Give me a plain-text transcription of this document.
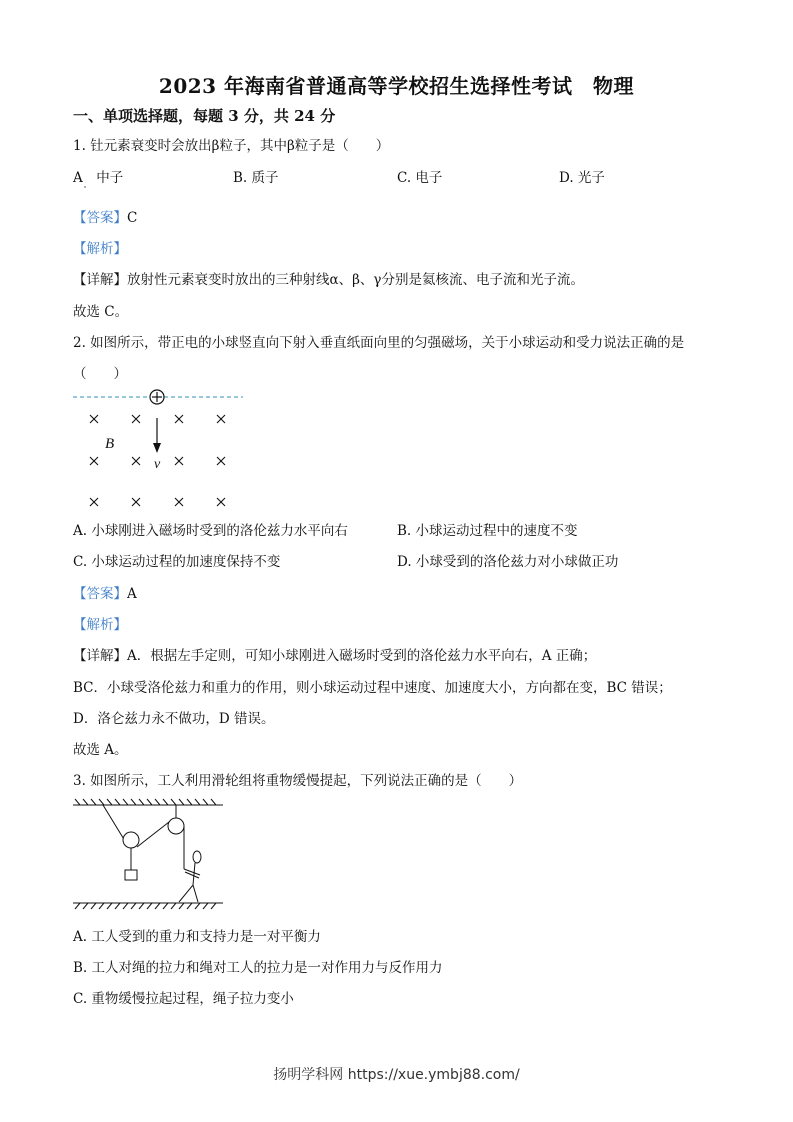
2023 年海南省普通高等学校招生选择性考试　物理
一、单项选择题，每题 3 分，共 24 分
1. 钍元素衰变时会放出β粒子，其中β粒子是（　　）
A　中子	B. 质子	C. 电子	D. 光子
【答案】C
【解析】
【详解】放射性元素衰变时放出的三种射线α、β、γ分别是氦核流、电子流和光子流。
故选 C。
2. 如图所示，带正电的小球竖直向下射入垂直纸面向里的匀强磁场，关于小球运动和受力说法正确的是
（　　）
B
v
A. 小球刚进入磁场时受到的洛伦兹力水平向右	B. 小球运动过程中的速度不变
C. 小球运动过程的加速度保持不变	D. 小球受到的洛伦兹力对小球做正功
【答案】A
【解析】
【详解】A．根据左手定则，可知小球刚进入磁场时受到的洛伦兹力水平向右，A 正确；
BC．小球受洛伦兹力和重力的作用，则小球运动过程中速度、加速度大小，方向都在变，BC 错误；
D．洛仑兹力永不做功，D 错误。
故选 A。
3. 如图所示，工人利用滑轮组将重物缓慢提起，下列说法正确的是（　　）
A. 工人受到的重力和支持力是一对平衡力
B. 工人对绳的拉力和绳对工人的拉力是一对作用力与反作用力
C. 重物缓慢拉起过程，绳子拉力变小
扬明学科网 https://xue.ymbj88.com/
